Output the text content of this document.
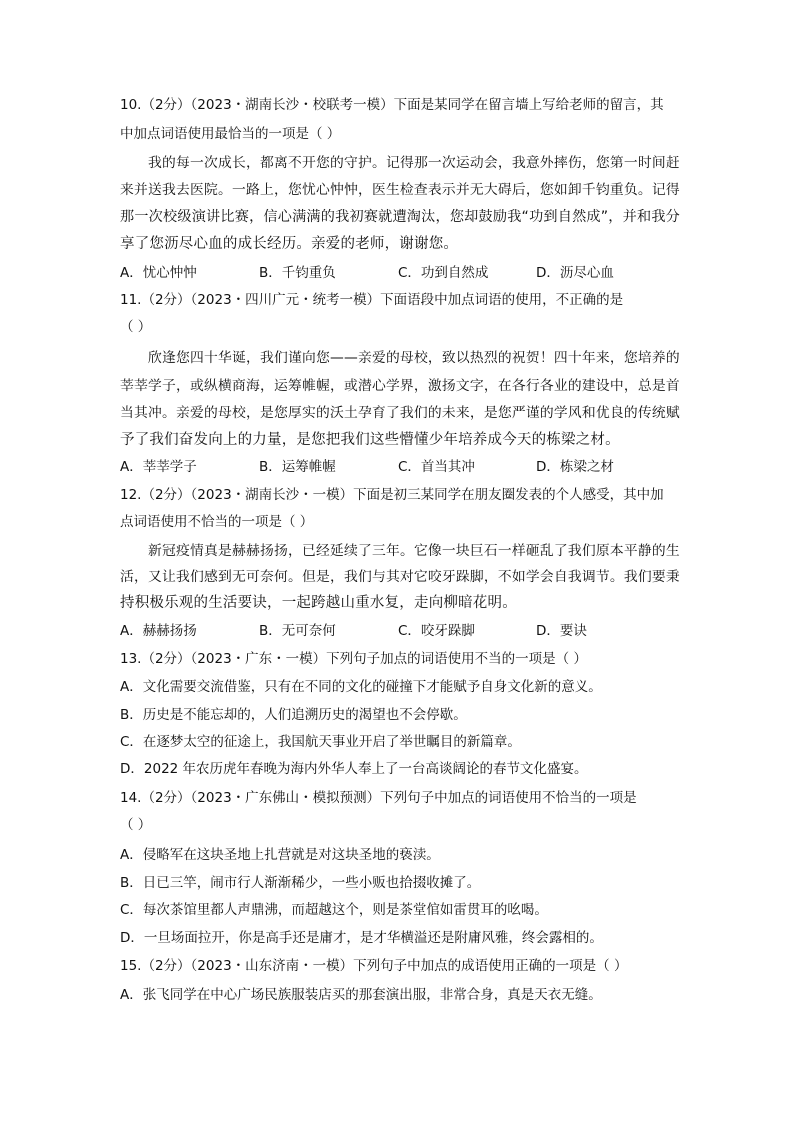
10.（2分）（2023・湖南长沙・校联考一模）下面是某同学在留言墙上写给老师的留言，其
中加点词语使用最恰当的一项是（ ）
我的每一次成长，都离不开您的守护。记得那一次运动会，我意外摔伤，您第一时间赶
来并送我去医院。一路上，您忧心忡忡，医生检查表示并无大碍后，您如卸千钧重负。记得
那一次校级演讲比赛，信心满满的我初赛就遭淘汰，您却鼓励我“功到自然成”，并和我分
享了您沥尽心血的成长经历。亲爱的老师，谢谢您。
A．忧心忡忡	B．千钧重负	C．功到自然成	D．沥尽心血
11.（2分）（2023・四川广元・统考一模）下面语段中加点词语的使用，不正确的是
（ ）
欣逢您四十华诞，我们谨向您——亲爱的母校，致以热烈的祝贺！四十年来，您培养的
莘莘学子，或纵横商海，运筹帷幄，或潜心学界，激扬文字，在各行各业的建设中，总是首
当其冲。亲爱的母校，是您厚实的沃土孕育了我们的未来，是您严谨的学风和优良的传统赋
予了我们奋发向上的力量，是您把我们这些懵懂少年培养成今天的栋梁之材。
A．莘莘学子	B．运筹帷幄	C．首当其冲	D．栋梁之材
12.（2分）（2023・湖南长沙・一模）下面是初三某同学在朋友圈发表的个人感受，其中加
点词语使用不恰当的一项是（ ）
新冠疫情真是赫赫扬扬，已经延续了三年。它像一块巨石一样砸乱了我们原本平静的生
活，又让我们感到无可奈何。但是，我们与其对它咬牙跺脚，不如学会自我调节。我们要秉
持积极乐观的生活要诀，一起跨越山重水复，走向柳暗花明。
A．赫赫扬扬	B．无可奈何	C．咬牙跺脚	D．要诀
13.（2分）（2023・广东・一模）下列句子加点的词语使用不当的一项是（ ）
A．文化需要交流借鉴，只有在不同的文化的碰撞下才能赋予自身文化新的意义。
B．历史是不能忘却的，人们追溯历史的渴望也不会停歇。
C．在逐梦太空的征途上，我国航天事业开启了举世瞩目的新篇章。
D．2022 年农历虎年春晚为海内外华人奉上了一台高谈阔论的春节文化盛宴。
14.（2分）（2023・广东佛山・模拟预测）下列句子中加点的词语使用不恰当的一项是
（ ）
A．侵略军在这块圣地上扎营就是对这块圣地的亵渎。
B．日已三竿，闹市行人渐渐稀少，一些小贩也拾掇收摊了。
C．每次茶馆里都人声鼎沸，而超越这个，则是茶堂倌如雷贯耳的吆喝。
D．一旦场面拉开，你是高手还是庸才，是才华横溢还是附庸风雅，终会露相的。
15.（2分）（2023・山东济南・一模）下列句子中加点的成语使用正确的一项是（ ）
A．张飞同学在中心广场民族服装店买的那套演出服，非常合身，真是天衣无缝。
